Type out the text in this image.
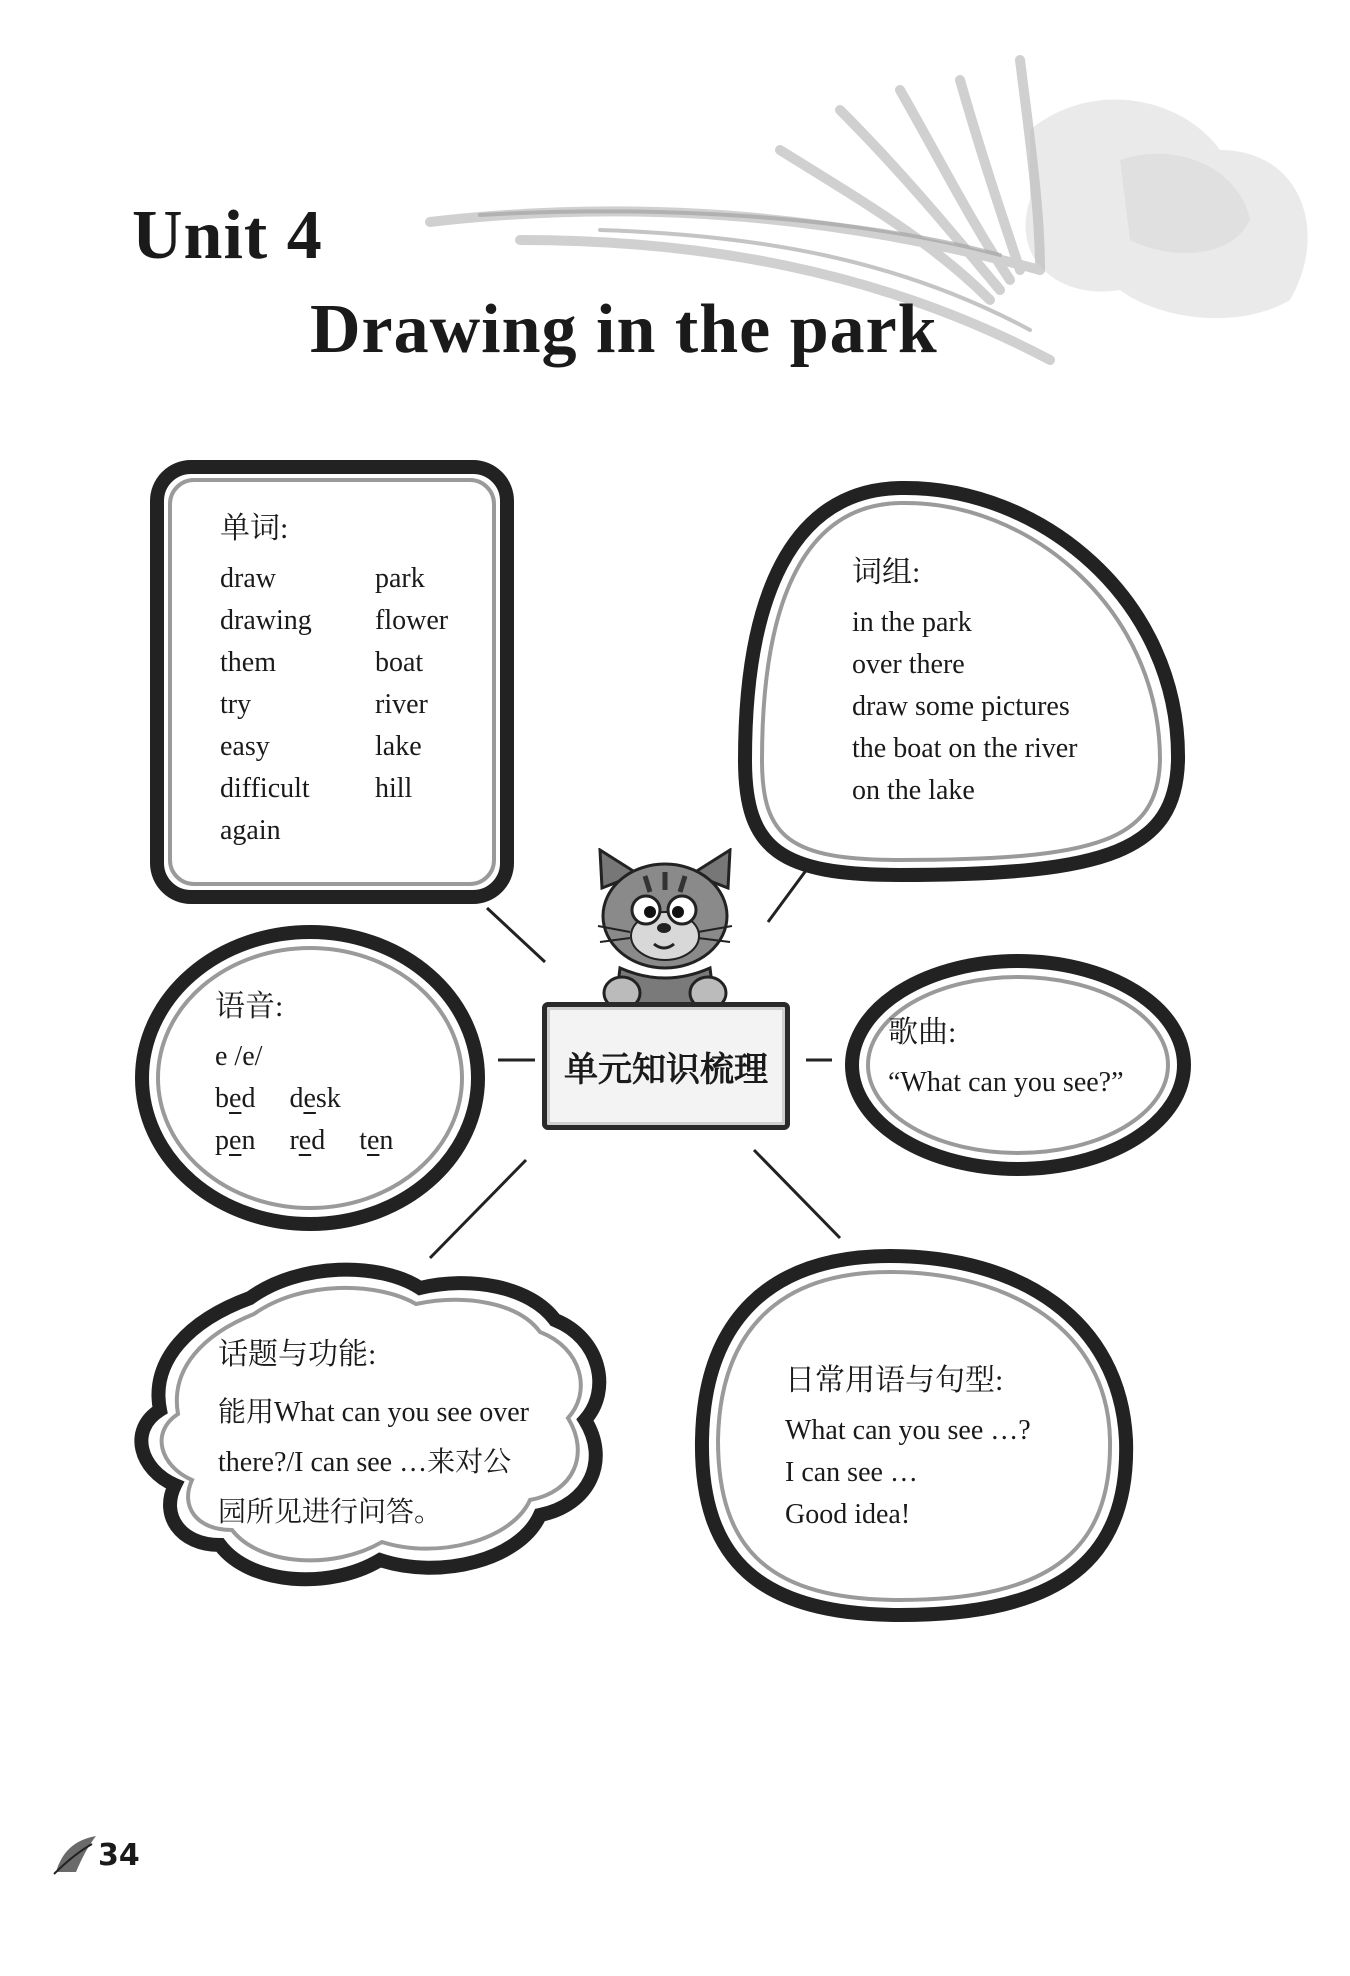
Unit 4
Drawing in the park
单元知识梳理
单词:
draw	park
drawing	flower
them	boat
try	river
easy	lake
difficult	hill
again
词组:
in the park
over there
draw some pictures
the boat on the river
on the lake
语音:
e /e/
bed desk
pen red ten
歌曲:
“What can you see?”
话题与功能:
能用What can you see over
there?/I can see …来对公
园所见进行问答。
日常用语与句型:
What can you see …?
I can see …
Good idea!
34
